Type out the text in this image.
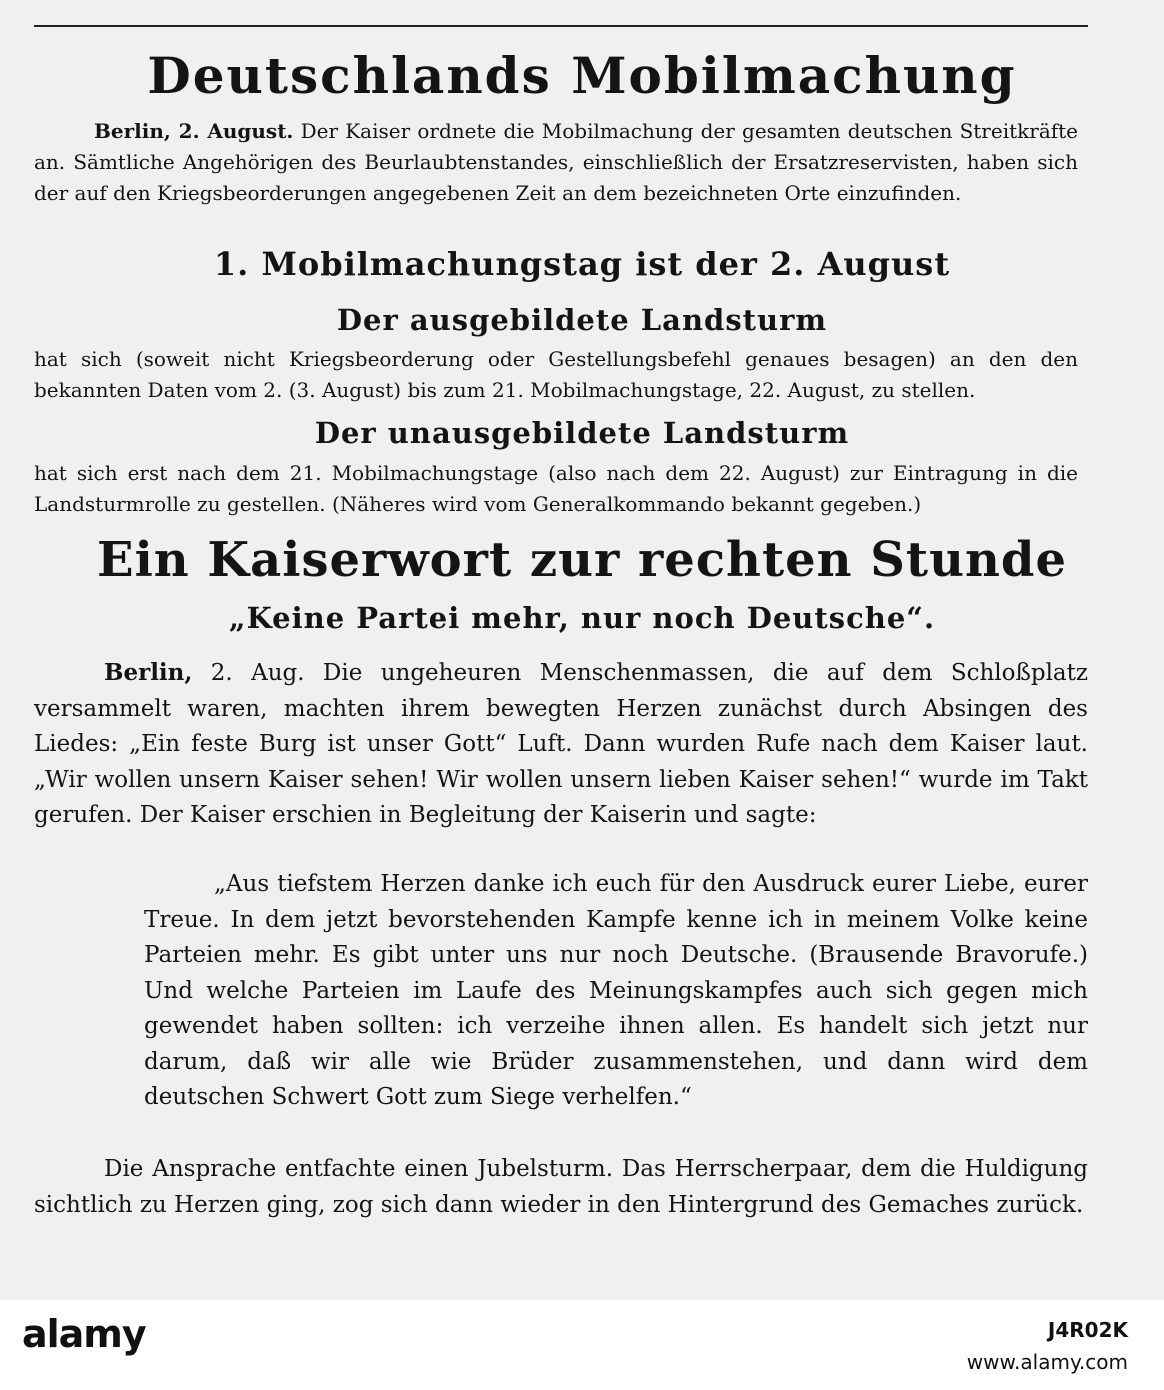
Deutschlands Mobilmachung
Berlin, 2. August. Der Kaiser ordnete die Mobilmachung der gesamten deutschen Streitkräfte an. Sämtliche Angehörigen des Beurlaubtenstandes, einschließlich der Ersatzreservisten, haben sich der auf den Kriegsbeorderungen angegebenen Zeit an dem bezeichneten Orte einzufinden.
1. Mobilmachungstag ist der 2. August
Der ausgebildete Landsturm
hat sich (soweit nicht Kriegsbeorderung oder Gestellungsbefehl genaues besagen) an den den bekannten Daten vom 2. (3. August) bis zum 21. Mobilmachungstage, 22. August, zu stellen.
Der unausgebildete Landsturm
hat sich erst nach dem 21. Mobilmachungstage (also nach dem 22. August) zur Eintragung in die Landsturmrolle zu gestellen. (Näheres wird vom Generalkommando bekannt gegeben.)
Ein Kaiserwort zur rechten Stunde
„Keine Partei mehr, nur noch Deutsche“.
Berlin, 2. Aug. Die ungeheuren Menschenmassen, die auf dem Schloßplatz versammelt waren, machten ihrem bewegten Herzen zunächst durch Absingen des Liedes: „Ein feste Burg ist unser Gott“ Luft. Dann wurden Rufe nach dem Kaiser laut. „Wir wollen unsern Kaiser sehen! Wir wollen unsern lieben Kaiser sehen!“ wurde im Takt gerufen. Der Kaiser erschien in Begleitung der Kaiserin und sagte:
„Aus tiefstem Herzen danke ich euch für den Ausdruck eurer Liebe, eurer Treue. In dem jetzt bevorstehenden Kampfe kenne ich in meinem Volke keine Parteien mehr. Es gibt unter uns nur noch Deutsche. (Brausende Bravorufe.) Und welche Parteien im Laufe des Meinungskampfes auch sich gegen mich gewendet haben sollten: ich verzeihe ihnen allen. Es handelt sich jetzt nur darum, daß wir alle wie Brüder zusammenstehen, und dann wird dem deutschen Schwert Gott zum Siege verhelfen.“
Die Ansprache entfachte einen Jubelsturm. Das Herrscherpaar, dem die Huldigung sichtlich zu Herzen ging, zog sich dann wieder in den Hintergrund des Gemaches zurück.
alamy	J4R02K
www.alamy.com
